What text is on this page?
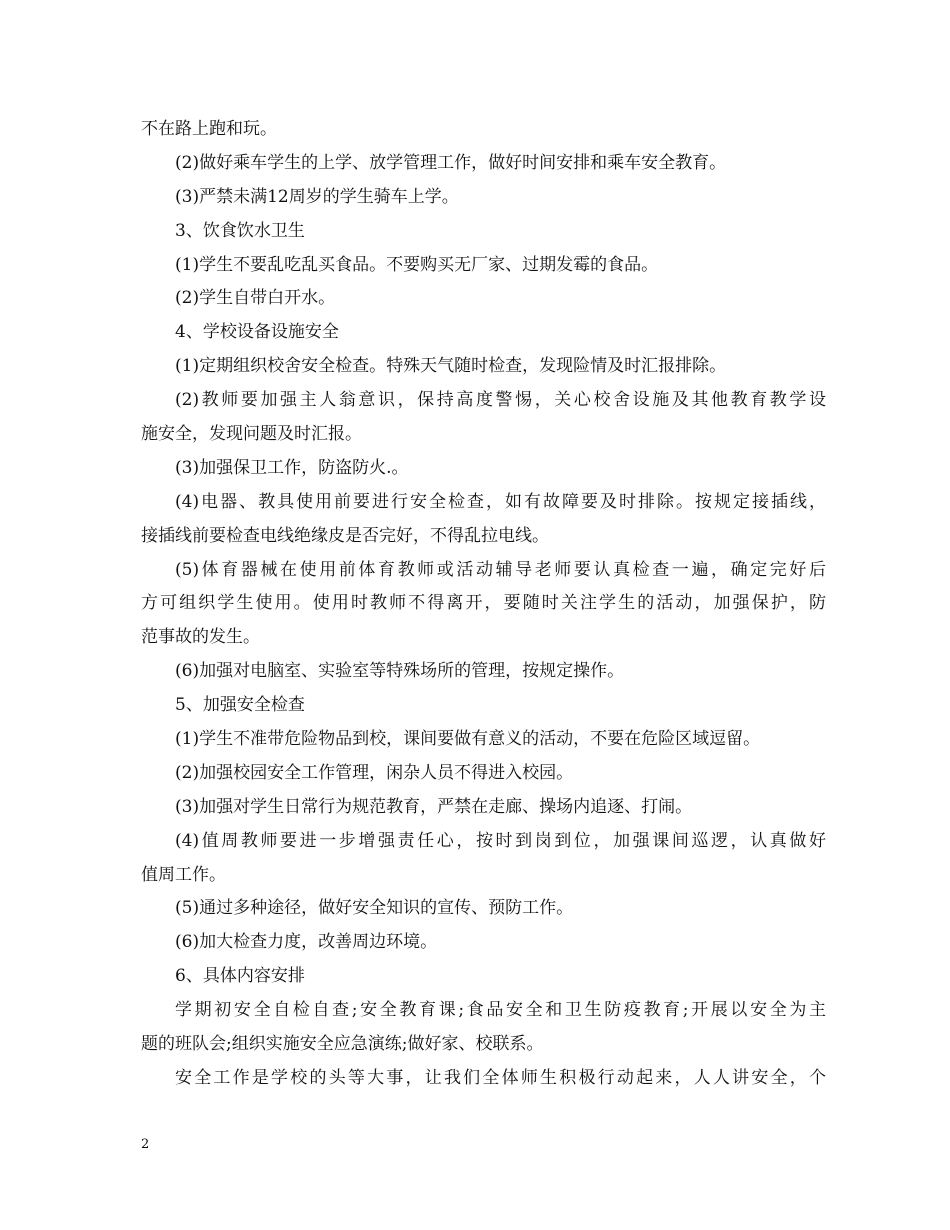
不在路上跑和玩。
(2)做好乘车学生的上学、放学管理工作，做好时间安排和乘车安全教育。
(3)严禁未满12周岁的学生骑车上学。
3、饮食饮水卫生
(1)学生不要乱吃乱买食品。不要购买无厂家、过期发霉的食品。
(2)学生自带白开水。
4、学校设备设施安全
(1)定期组织校舍安全检查。特殊天气随时检查，发现险情及时汇报排除。
(2)教师要加强主人翁意识，保持高度警惕，关心校舍设施及其他教育教学设
施安全，发现问题及时汇报。
(3)加强保卫工作，防盗防火.。
(4)电器、教具使用前要进行安全检查，如有故障要及时排除。按规定接插线，
接插线前要检查电线绝缘皮是否完好，不得乱拉电线。
(5)体育器械在使用前体育教师或活动辅导老师要认真检查一遍，确定完好后
方可组织学生使用。使用时教师不得离开，要随时关注学生的活动，加强保护，防
范事故的发生。
(6)加强对电脑室、实验室等特殊场所的管理，按规定操作。
5、加强安全检查
(1)学生不准带危险物品到校，课间要做有意义的活动，不要在危险区域逗留。
(2)加强校园安全工作管理，闲杂人员不得进入校园。
(3)加强对学生日常行为规范教育，严禁在走廊、操场内追逐、打闹。
(4)值周教师要进一步增强责任心，按时到岗到位，加强课间巡逻，认真做好
值周工作。
(5)通过多种途径，做好安全知识的宣传、预防工作。
(6)加大检查力度，改善周边环境。
6、具体内容安排
学期初安全自检自查;安全教育课;食品安全和卫生防疫教育;开展以安全为主
题的班队会;组织实施安全应急演练;做好家、校联系。
安全工作是学校的头等大事，让我们全体师生积极行动起来，人人讲安全，个
2
